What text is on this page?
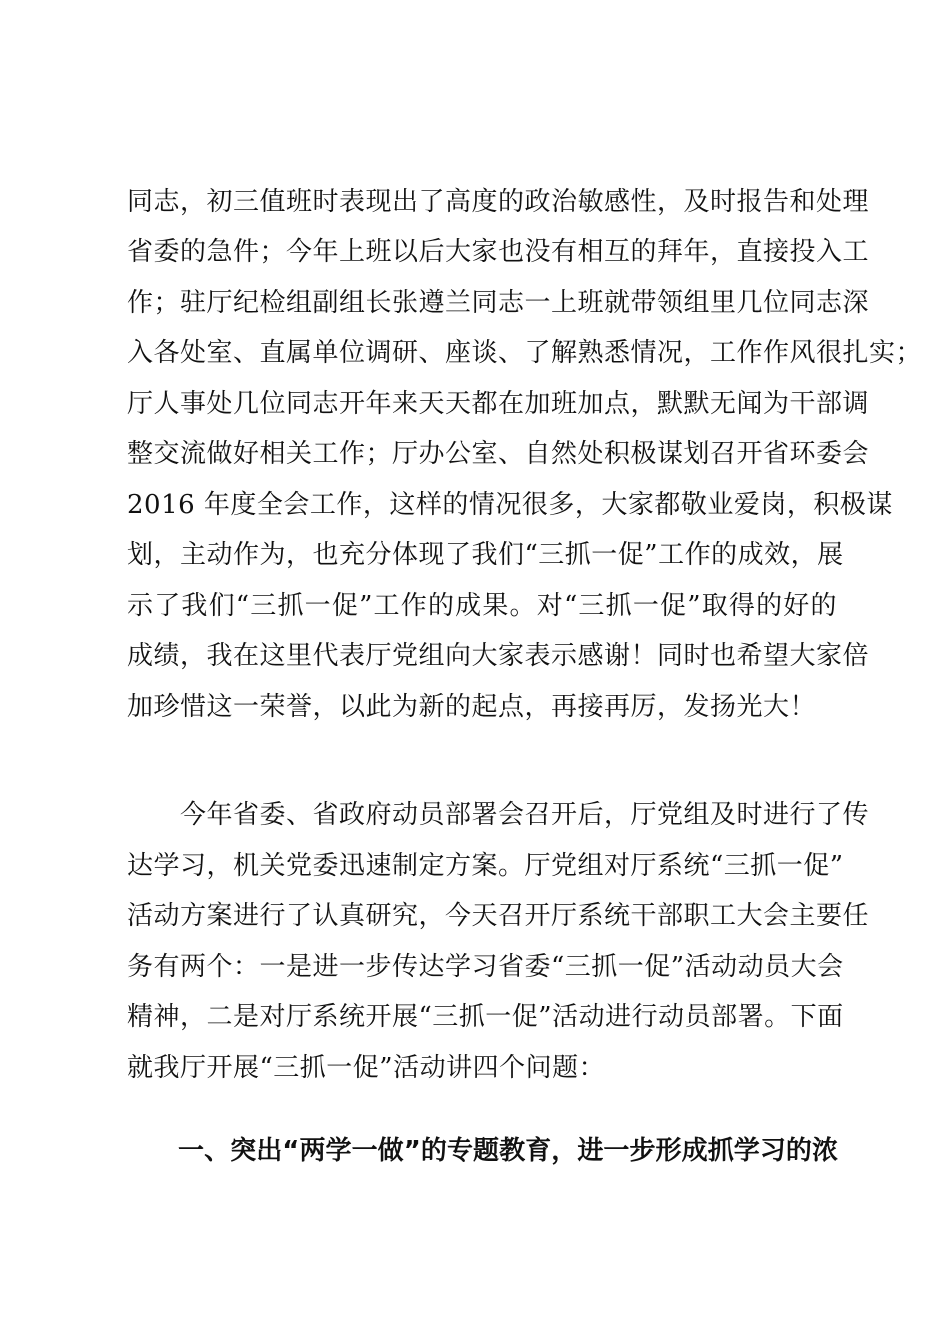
同志，初三值班时表现出了高度的政治敏感性，及时报告和处理
省委的急件；今年上班以后大家也没有相互的拜年，直接投入工
作；驻厅纪检组副组长张遵兰同志一上班就带领组里几位同志深
入各处室、直属单位调研、座谈、了解熟悉情况，工作作风很扎实；
厅人事处几位同志开年来天天都在加班加点，默默无闻为干部调
整交流做好相关工作；厅办公室、自然处积极谋划召开省环委会
2016 年度全会工作，这样的情况很多，大家都敬业爱岗，积极谋
划，主动作为，也充分体现了我们“三抓一促”工作的成效，展
示了我们“三抓一促”工作的成果。对“三抓一促”取得的好的
成绩，我在这里代表厅党组向大家表示感谢！同时也希望大家倍
加珍惜这一荣誉，以此为新的起点，再接再厉，发扬光大！
　　今年省委、省政府动员部署会召开后，厅党组及时进行了传
达学习，机关党委迅速制定方案。厅党组对厅系统“三抓一促”
活动方案进行了认真研究，今天召开厅系统干部职工大会主要任
务有两个：一是进一步传达学习省委“三抓一促”活动动员大会
精神，二是对厅系统开展“三抓一促”活动进行动员部署。下面
就我厅开展“三抓一促”活动讲四个问题：
一、突出“两学一做”的专题教育，进一步形成抓学习的浓
